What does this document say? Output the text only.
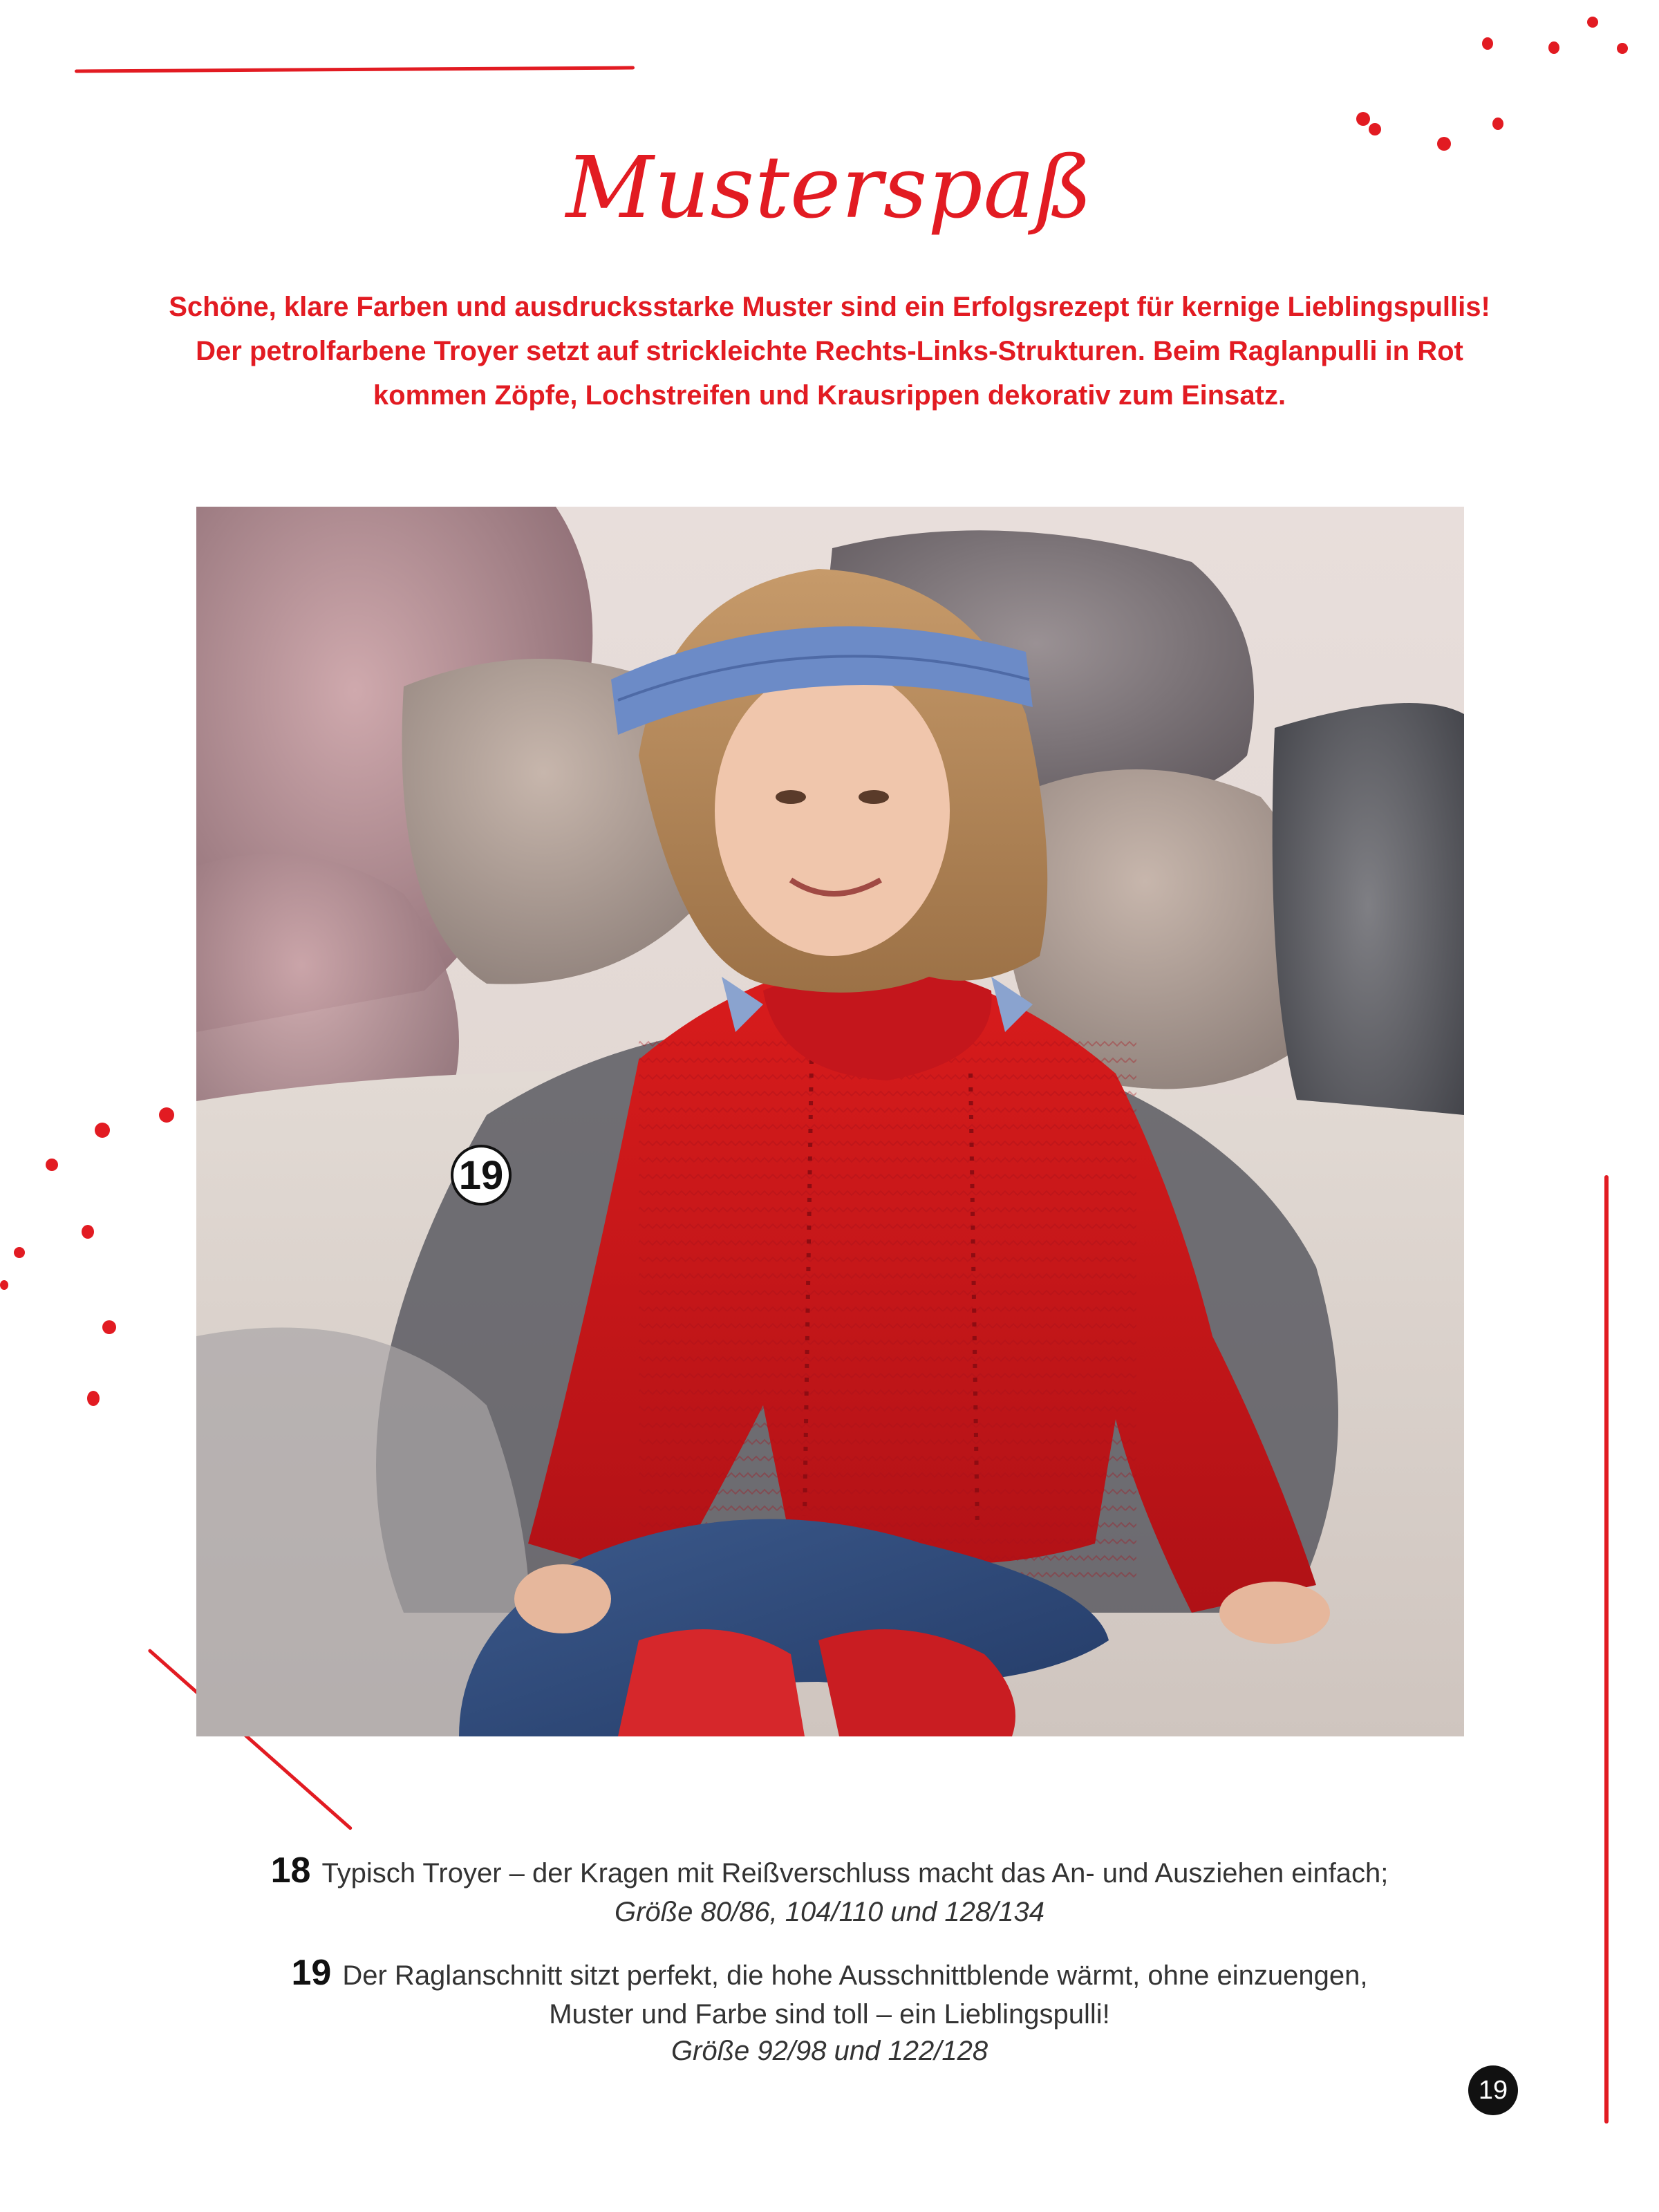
Musterspaß
Schöne, klare Farben und ausdrucksstarke Muster sind ein Erfolgsrezept für kernige Lieblingspullis!
Der petrolfarbene Troyer setzt auf strickleichte Rechts-Links-Strukturen. Beim Raglanpulli in Rot
kommen Zöpfe, Lochstreifen und Krausrippen dekorativ zum Einsatz.
19
18 Typisch Troyer – der Kragen mit Reißverschluss macht das An- und Ausziehen einfach;
Größe 80/86, 104/110 und 128/134
19 Der Raglanschnitt sitzt perfekt, die hohe Ausschnittblende wärmt, ohne einzuengen,
Muster und Farbe sind toll – ein Lieblingspulli!
Größe 92/98 und 122/128
19
